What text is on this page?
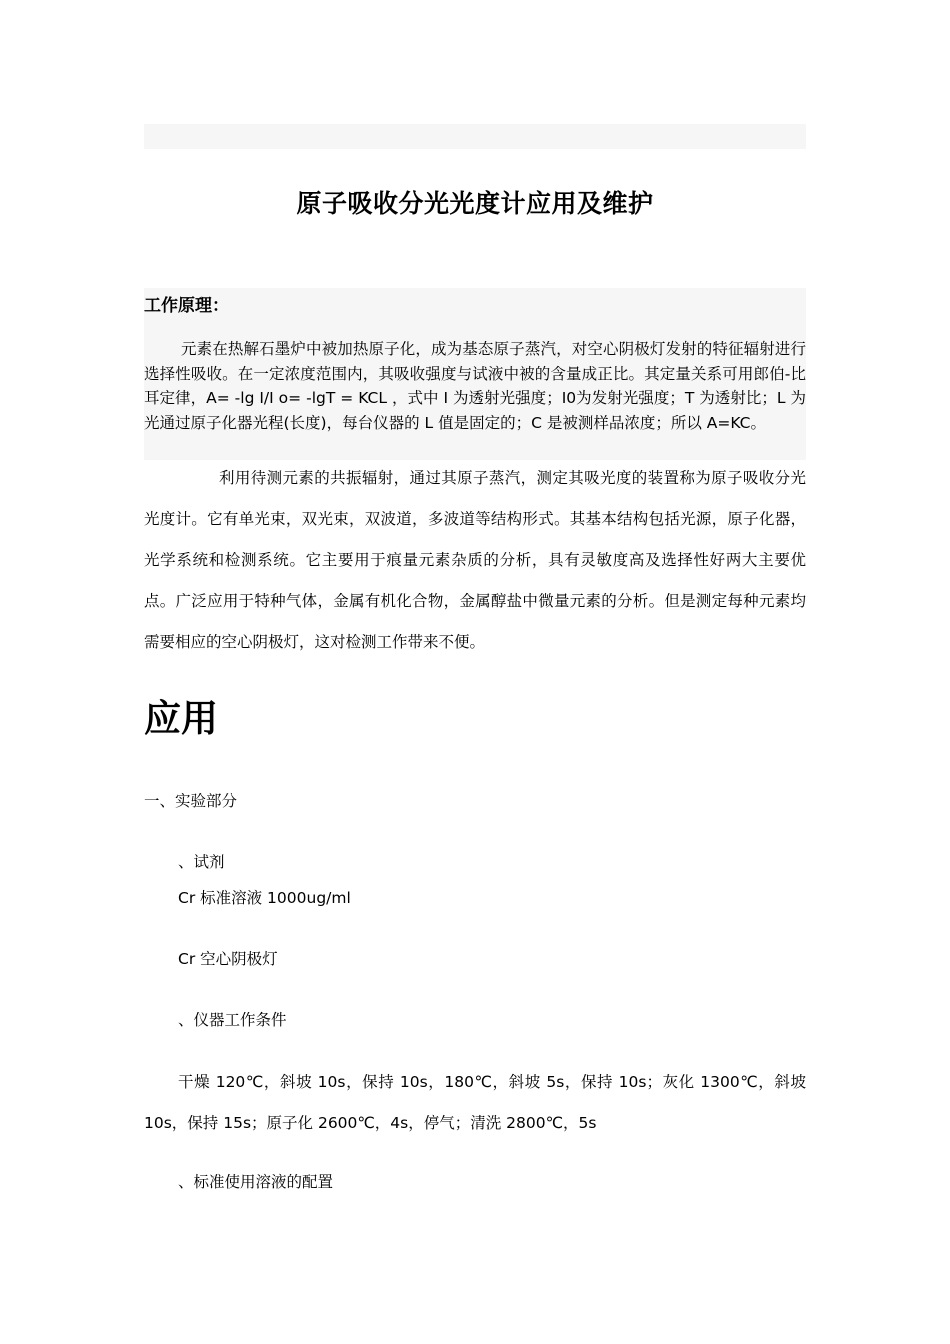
原子吸收分光光度计应用及维护
工作原理：
元素在热解石墨炉中被加热原子化，成为基态原子蒸汽，对空心阴极灯发射的特征辐射进行选择性吸收。在一定浓度范围内，其吸收强度与试液中被的含量成正比。其定量关系可用郎伯-比耳定律，A= -lg I/I o= -lgT = KCL ，式中 I 为透射光强度；I0为发射光强度；T 为透射比；L 为光通过原子化器光程(长度)，每台仪器的 L 值是固定的；C 是被测样品浓度；所以 A=KC。
利用待测元素的共振辐射，通过其原子蒸汽，测定其吸光度的装置称为原子吸收分光光度计。它有单光束，双光束，双波道，多波道等结构形式。其基本结构包括光源，原子化器，光学系统和检测系统。它主要用于痕量元素杂质的分析，具有灵敏度高及选择性好两大主要优点。广泛应用于特种气体，金属有机化合物，金属醇盐中微量元素的分析。但是测定每种元素均需要相应的空心阴极灯，这对检测工作带来不便。
应用
一、实验部分
、试剂
Cr 标准溶液 1000ug/ml
Cr 空心阴极灯
、仪器工作条件
干燥 120℃，斜坡 10s，保持 10s，180℃，斜坡 5s，保持 10s；灰化 1300℃，斜坡10s，保持 15s；原子化 2600℃，4s，停气；清洗 2800℃，5s
、标准使用溶液的配置
